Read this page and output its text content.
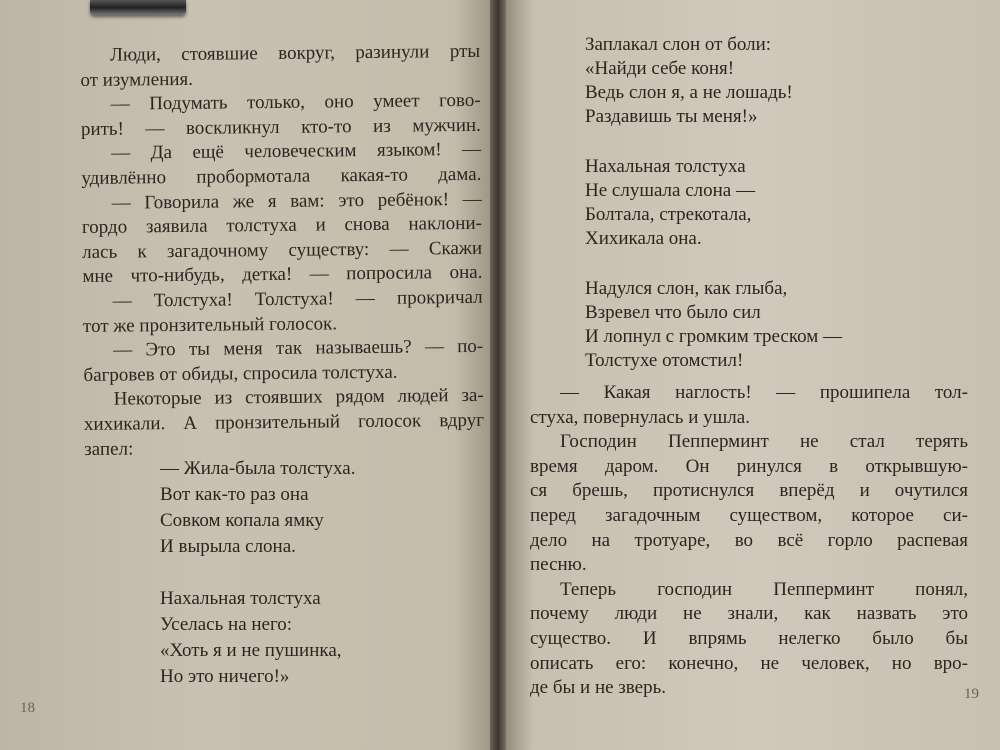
Люди, стоявшие вокруг, разинули рты
от изумления.
— Подумать только, оно умеет гово-
рить! — воскликнул кто-то из мужчин.
— Да ещё человеческим языком! —
удивлённо пробормотала какая-то дама.
— Говорила же я вам: это ребёнок! —
гордо заявила толстуха и снова наклони-
лась к загадочному существу: — Скажи
мне что-нибудь, детка! — попросила она.
— Толстуха! Толстуха! — прокричал
тот же пронзительный голосок.
— Это ты меня так называешь? — по-
багровев от обиды, спросила толстуха.
Некоторые из стоявших рядом людей за-
хихикали. А пронзительный голосок вдруг
запел:
— Жила-была толстуха.
Вот как-то раз она
Совком копала ямку
И вырыла слона.
Нахальная толстуха
Уселась на него:
«Хоть я и не пушинка,
Но это ничего!»
Заплакал слон от боли:
«Найди себе коня!
Ведь слон я, а не лошадь!
Раздавишь ты меня!»
Нахальная толстуха
Не слушала слона —
Болтала, стрекотала,
Хихикала она.
Надулся слон, как глыба,
Взревел что было сил
И лопнул с громким треском —
Толстухе отомстил!
— Какая наглость! — прошипела тол-
стуха, повернулась и ушла.
Господин Пепперминт не стал терять
время даром. Он ринулся в открывшую-
ся брешь, протиснулся вперёд и очутился
перед загадочным существом, которое си-
дело на тротуаре, во всё горло распевая
песню.
Теперь господин Пепперминт понял,
почему люди не знали, как назвать это
существо. И впрямь нелегко было бы
описать его: конечно, не человек, но вро-
де бы и не зверь.
18
19
